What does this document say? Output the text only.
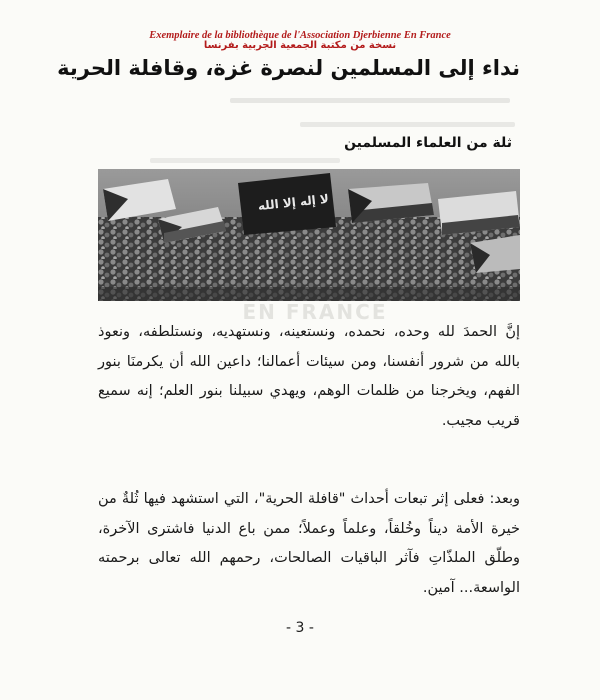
Exemplaire de la bibliothèque de l'Association Djerbienne En France
نسخة من مكتبة الجمعية الجربية بفرنسا
نداء إلى المسلمين لنصرة غزة، وقافلة الحرية
ثلة من العلماء المسلمين
لا إله إلا الله
EN FRANCE

إنَّ الحمدَ لله وحده، نحمده، ونستعينه، ونستهديه، ونستلطفه، ونعوذ بالله من شرور أنفسنا، ومن سيئات أعمالنا؛ داعين الله أن يكرمنَا بنور الفهم، ويخرجنا من ظلمات الوهم، ويهدي سبيلنا بنور العلم؛ إنه سميع قريب مجيب.

وبعد: فعلى إثر تبعات أحداث "قافلة الحرية"، التي استشهد فيها ثُلةٌ من خيرة الأمة ديناً وخُلقاً، وعلماً وعملاً؛ ممن باع الدنيا فاشترى الآخرة، وطلّق الملذّاتِ فآثر الباقيات الصالحات، رحمهم الله تعالى برحمته الواسعة... آمين.

- 3 -
